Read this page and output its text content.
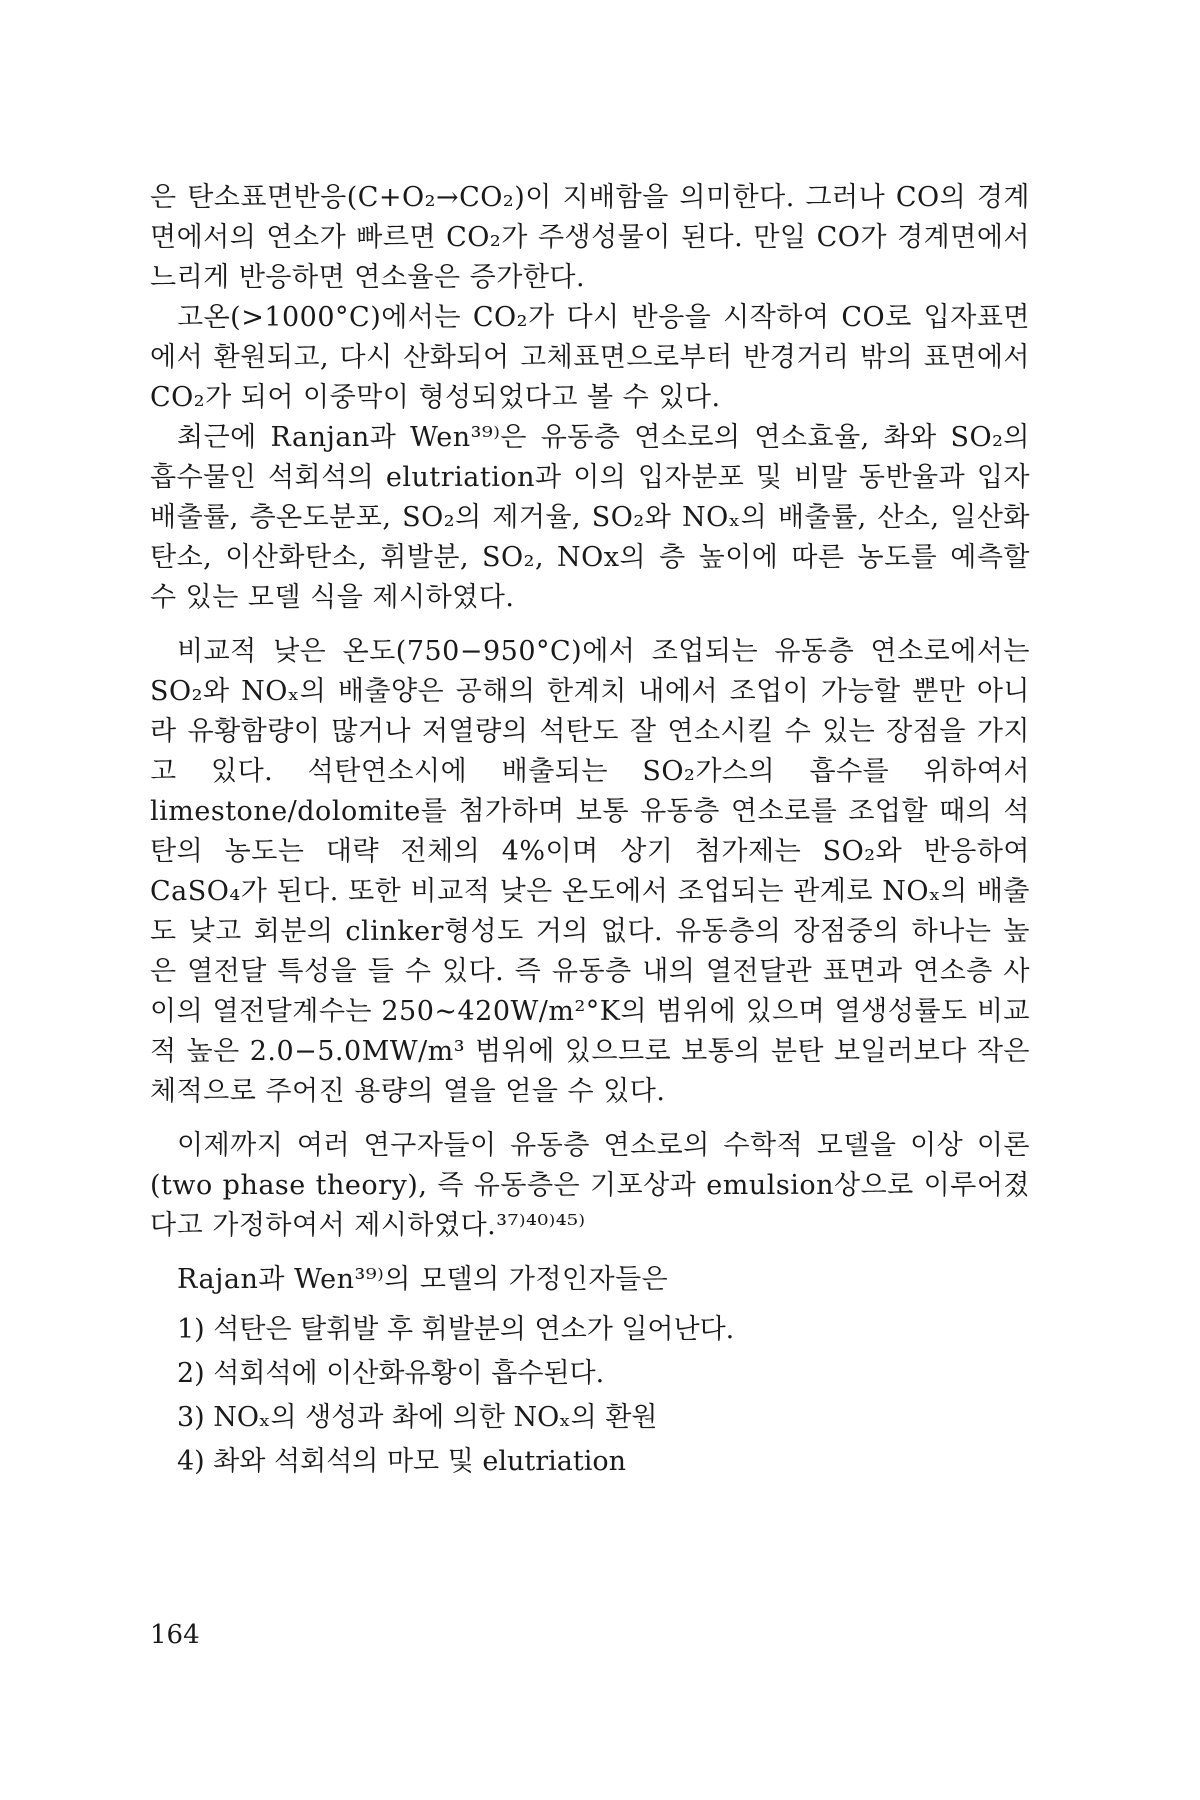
은 탄소표면반응(C+O₂→CO₂)이 지배함을 의미한다. 그러나 CO의 경계면에서의 연소가 빠르면 CO₂가 주생성물이 된다. 만일 CO가 경계면에서 느리게 반응하면 연소율은 증가한다.

고온(>1000°C)에서는 CO₂가 다시 반응을 시작하여 CO로 입자표면에서 환원되고, 다시 산화되어 고체표면으로부터 반경거리 밖의 표면에서 CO₂가 되어 이중막이 형성되었다고 볼 수 있다.

최근에 Ranjan과 Wen³⁹⁾은 유동층 연소로의 연소효율, 촤와 SO₂의 흡수물인 석회석의 elutriation과 이의 입자분포 및 비말 동반율과 입자배출률, 층온도분포, SO₂의 제거율, SO₂와 NOₓ의 배출률, 산소, 일산화탄소, 이산화탄소, 휘발분, SO₂, NOx의 층 높이에 따른 농도를 예측할 수 있는 모델 식을 제시하였다.

비교적 낮은 온도(750−950°C)에서 조업되는 유동층 연소로에서는 SO₂와 NOₓ의 배출양은 공해의 한계치 내에서 조업이 가능할 뿐만 아니라 유황함량이 많거나 저열량의 석탄도 잘 연소시킬 수 있는 장점을 가지고 있다. 석탄연소시에 배출되는 SO₂가스의 흡수를 위하여서 limestone/dolomite를 첨가하며 보통 유동층 연소로를 조업할 때의 석탄의 농도는 대략 전체의 4%이며 상기 첨가제는 SO₂와 반응하여 CaSO₄가 된다. 또한 비교적 낮은 온도에서 조업되는 관계로 NOₓ의 배출도 낮고 회분의 clinker형성도 거의 없다. 유동층의 장점중의 하나는 높은 열전달 특성을 들 수 있다. 즉 유동층 내의 열전달관 표면과 연소층 사이의 열전달계수는 250∼420W/m²°K의 범위에 있으며 열생성률도 비교적 높은 2.0−5.0MW/m³ 범위에 있으므로 보통의 분탄 보일러보다 작은 체적으로 주어진 용량의 열을 얻을 수 있다.

이제까지 여러 연구자들이 유동층 연소로의 수학적 모델을 이상 이론(two phase theory), 즉 유동층은 기포상과 emulsion상으로 이루어졌다고 가정하여서 제시하였다.³⁷⁾⁴⁰⁾⁴⁵⁾

Rajan과 Wen³⁹⁾의 모델의 가정인자들은

1) 석탄은 탈휘발 후 휘발분의 연소가 일어난다.
2) 석회석에 이산화유황이 흡수된다.
3) NOₓ의 생성과 촤에 의한 NOₓ의 환원
4) 촤와 석회석의 마모 및 elutriation
164
